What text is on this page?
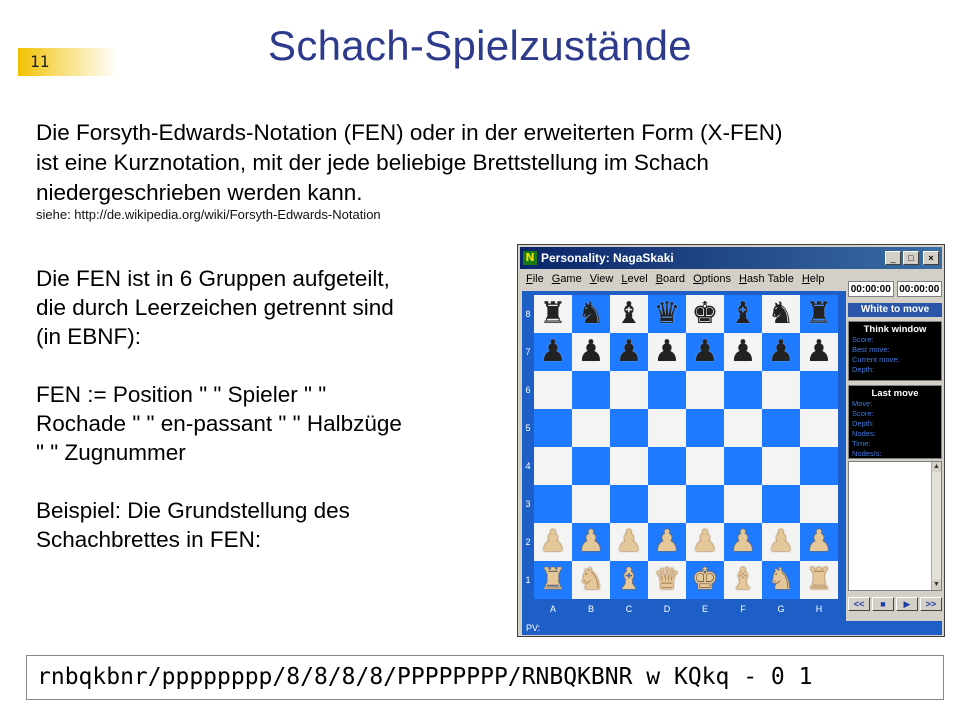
11	Schach-Spielzustände

Die Forsyth-Edwards-Notation (FEN) oder in der erweiterten Form (X-FEN)

ist eine Kurznotation, mit der jede beliebige Brettstellung im Schach

niedergeschrieben werden kann.

siehe: http://de.wikipedia.org/wiki/Forsyth-Edwards-Notation

Die FEN ist in 6 Gruppen aufgeteilt,

die durch Leerzeichen getrennt sind

(in EBNF):

FEN := Position " " Spieler " "

Rochade " " en-passant " " Halbzüge

" " Zugnummer

Beispiel: Die Grundstellung des

Schachbrettes in FEN:

N Personality: NagaSkaki	_	□	×
File Game View Level Board Options Hash Table Help
8 ♜ ♞ ♝ ♛ ♚ ♝ ♞ ♜
7 ♟ ♟ ♟ ♟ ♟ ♟ ♟ ♟
6
5
4
3
2 ♟ ♟ ♟ ♟ ♟ ♟ ♟ ♟
1 ♜ ♞ ♝ ♛ ♚ ♝ ♞ ♜
A	B	C	D	E	F	G	H
00:00:00 00:00:00
White to move
Think window
Score:
Best move:
Current move:
Depth:
Last move
Move:
Score:
Depth:
Nodes:
Time:
Nodes/s:
▲
▼
<<	■	▶	>>
PV:
rnbqkbnr/pppppppp/8/8/8/8/PPPPPPPP/RNBQKBNR w KQkq - 0 1
